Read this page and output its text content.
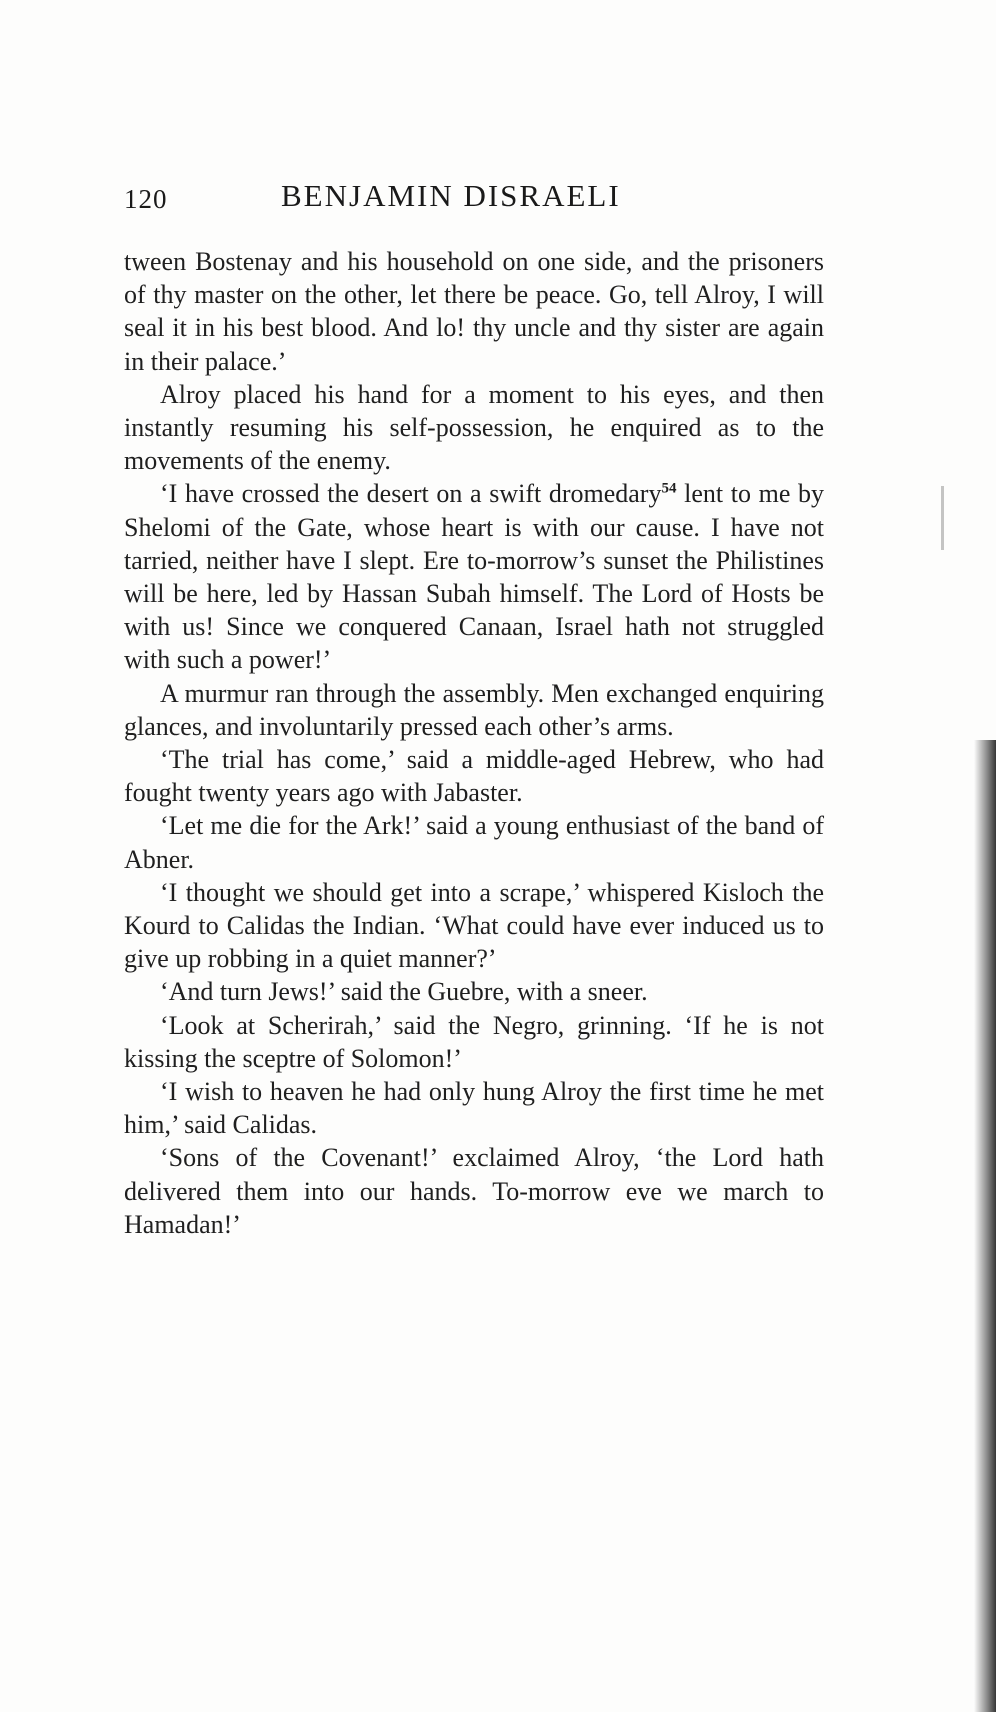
120	BENJAMIN DISRAELI

tween Bostenay and his household on one side, and the prisoners of thy master on the other, let there be peace. Go, tell Alroy, I will seal it in his best blood. And lo! thy uncle and thy sister are again in their palace.’

Alroy placed his hand for a moment to his eyes, and then instantly resuming his self-possession, he enquired as to the movements of the enemy.

‘I have crossed the desert on a swift dromedary$^{54}$ lent to me by Shelomi of the Gate, whose heart is with our cause. I have not tarried, neither have I slept. Ere to-morrow’s sunset the Philistines will be here, led by Hassan Subah himself. The Lord of Hosts be with us! Since we conquered Canaan, Israel hath not struggled with such a power!’

A murmur ran through the assembly. Men exchanged enquiring glances, and involuntarily pressed each other’s arms.

‘The trial has come,’ said a middle-aged Hebrew, who had fought twenty years ago with Jabaster.

‘Let me die for the Ark!’ said a young enthusiast of the band of Abner.

‘I thought we should get into a scrape,’ whispered Kisloch the Kourd to Calidas the Indian. ‘What could have ever induced us to give up robbing in a quiet manner?’

‘And turn Jews!’ said the Guebre, with a sneer.

‘Look at Scherirah,’ said the Negro, grinning. ‘If he is not kissing the sceptre of Solomon!’

‘I wish to heaven he had only hung Alroy the first time he met him,’ said Calidas.

‘Sons of the Covenant!’ exclaimed Alroy, ‘the Lord hath delivered them into our hands. To-morrow eve we march to Hamadan!’
